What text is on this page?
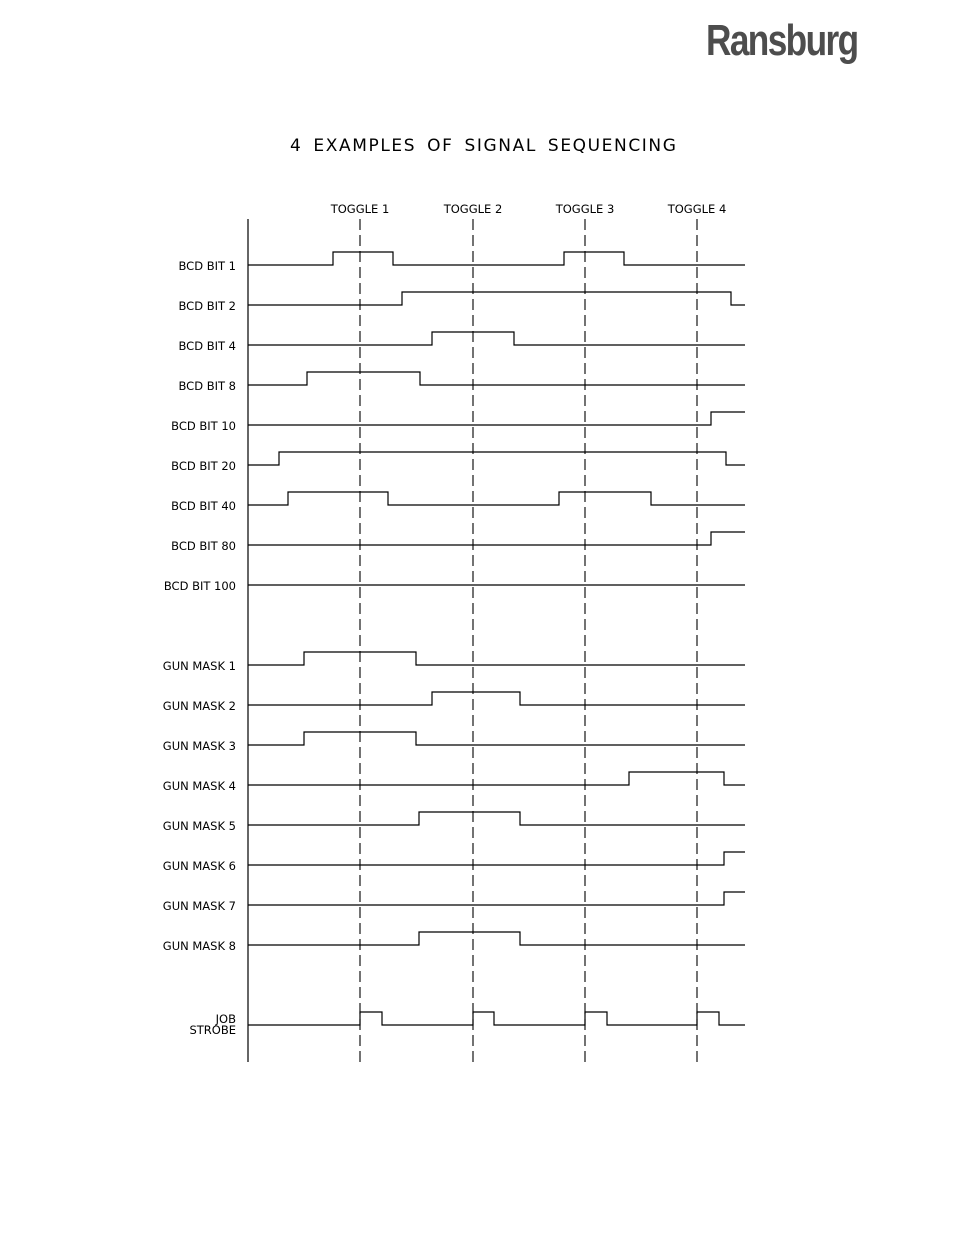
Ransburg
4 EXAMPLES OF SIGNAL SEQUENCING
TOGGLE 1	TOGGLE 2	TOGGLE 3	TOGGLE 4
BCD BIT 1
BCD BIT 2
BCD BIT 4
BCD BIT 8
BCD BIT 10
BCD BIT 20
BCD BIT 40
BCD BIT 80
BCD BIT 100
GUN MASK 1
GUN MASK 2
GUN MASK 3
GUN MASK 4
GUN MASK 5
GUN MASK 6
GUN MASK 7
GUN MASK 8
JOB STROBE
